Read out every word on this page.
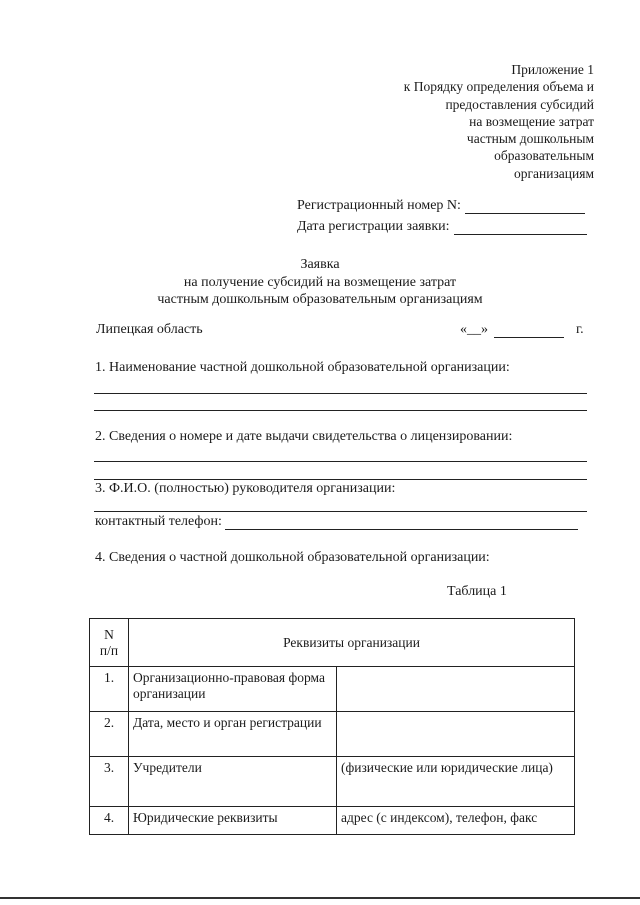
Приложение 1
к Порядку определения объема и
предоставления субсидий
на возмещение затрат
частным дошкольным
образовательным
организациям
Регистрационный номер N:
Дата регистрации заявки:
Заявка
на получение субсидий на возмещение затрат
частным дошкольным образовательным организациям
Липецкая область	« __ »	г.
1. Наименование частной дошкольной образовательной организации:
2. Сведения о номере и дате выдачи свидетельства о лицензировании:
3. Ф.И.О. (полностью) руководителя организации:
контактный телефон:
4. Сведения о частной дошкольной образовательной организации:
Таблица 1
N
п/п	Реквизиты организации	
1.	Организационно-правовая форма организации	
2.	Дата, место и орган регистрации	
3.	Учредители	(физические или юридические лица)
4.	Юридические реквизиты	адрес (с индексом), телефон, факс
